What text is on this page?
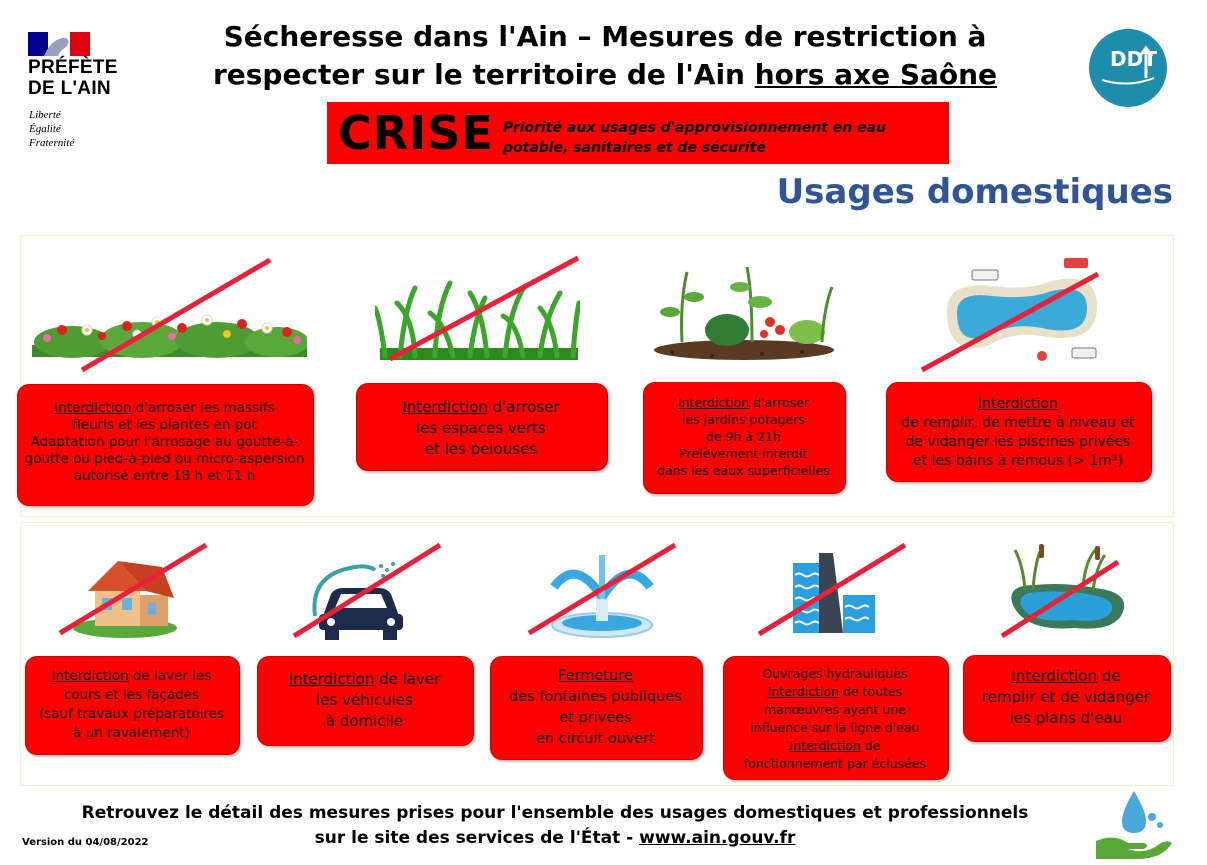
PRÉFÈTE
DE L'AIN
Liberté
Égalité
Fraternité
Sécheresse dans l'Ain – Mesures de restriction à
respecter sur le territoire de l'Ain hors axe Saône	DDT
CRISE Priorité aux usages d'approvisionnement en eau potable, sanitaires et de sécurité
Usages domestiques
Interdiction d'arroser les massifs
fleuris et les plantes en pot
Adaptation pour l'arrosage au goutte-à-
goutte ou pied-à-pied ou micro-aspersion
autorisé entre 18 h et 11 h
Interdiction d'arroser
les espaces verts
et les pelouses
Interdiction d'arroser
les jardins potagers
de 9h à 21h
Prélèvement interdit
dans les eaux superficielles
Interdiction
de remplir, de mettre à niveau et
de vidanger les piscines privées
et les bains à remous (> 1m³)
Interdiction de laver les
cours et les façades
(sauf travaux préparatoires
à un ravalement)
Interdiction de laver
les véhicules
à domicile
Fermeture
des fontaines publiques
et privées
en circuit ouvert
Ouvrages hydrauliques
Interdiction de toutes
manœuvres ayant une
influence sur la ligne d'eau
Interdiction de
fonctionnement par éclusées
Interdiction de
remplir et de vidanger
les plans d'eau
Retrouvez le détail des mesures prises pour l'ensemble des usages domestiques et professionnels
sur le site des services de l'État - www.ain.gouv.fr
Version du 04/08/2022
